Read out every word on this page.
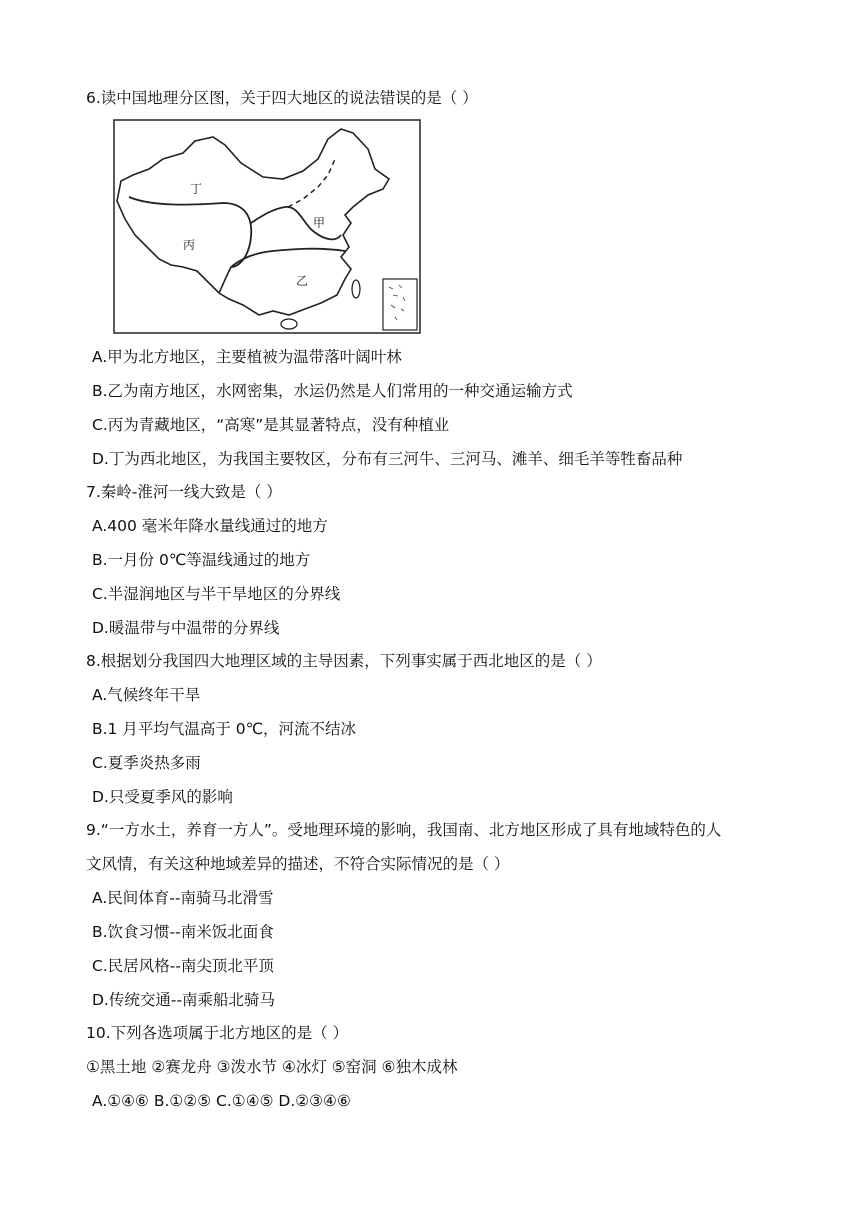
6.读中国地理分区图，关于四大地区的说法错误的是（ ）
丁
丙
甲
乙
A.甲为北方地区，主要植被为温带落叶阔叶林
B.乙为南方地区，水网密集，水运仍然是人们常用的一种交通运输方式
C.丙为青藏地区，“高寒”是其显著特点，没有种植业
D.丁为西北地区，为我国主要牧区，分布有三河牛、三河马、滩羊、细毛羊等牲畜品种
7.秦岭-淮河一线大致是（ ）
A.400 毫米年降水量线通过的地方
B.一月份 0℃等温线通过的地方
C.半湿润地区与半干旱地区的分界线
D.暖温带与中温带的分界线
8.根据划分我国四大地理区域的主导因素，下列事实属于西北地区的是（ ）
A.气候终年干旱
B.1 月平均气温高于 0℃，河流不结冰
C.夏季炎热多雨
D.只受夏季风的影响
9.“一方水土，养育一方人”。受地理环境的影响，我国南、北方地区形成了具有地域特色的人
文风情，有关这种地域差异的描述，不符合实际情况的是（ ）
A.民间体育--南骑马北滑雪
B.饮食习惯--南米饭北面食
C.民居风格--南尖顶北平顶
D.传统交通--南乘船北骑马
10.下列各选项属于北方地区的是（ ）
①黑土地 ②赛龙舟 ③泼水节 ④冰灯 ⑤窑洞 ⑥独木成林
A.①④⑥ B.①②⑤ C.①④⑤ D.②③④⑥
